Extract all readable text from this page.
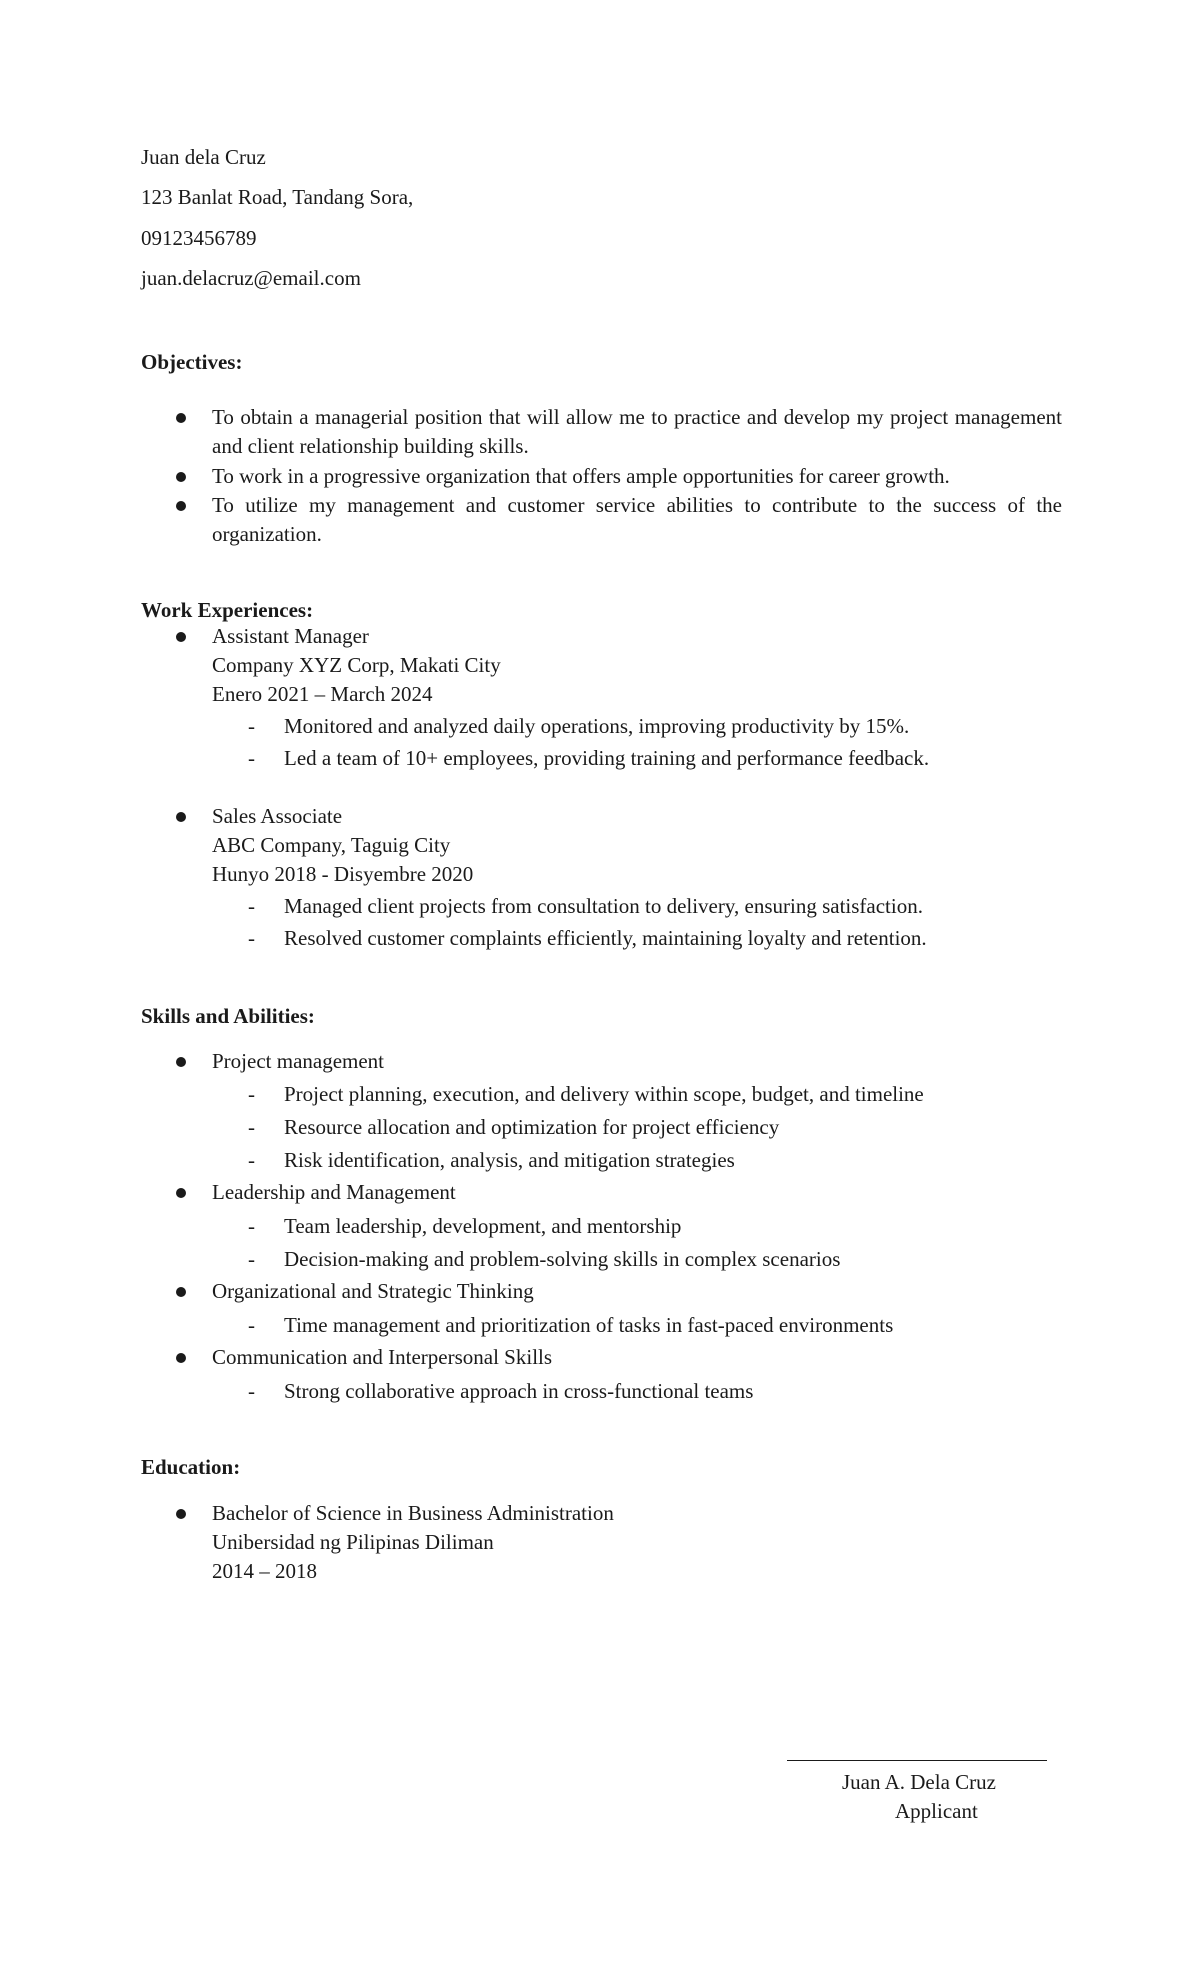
Juan dela Cruz
123 Banlat Road, Tandang Sora,
09123456789
juan.delacruz@email.com
Objectives:
To obtain a managerial position that will allow me to practice and develop my project management and client relationship building skills.
To work in a progressive organization that offers ample opportunities for career growth.
To utilize my management and customer service abilities to contribute to the success of the organization.
Work Experiences:
Assistant Manager
Company XYZ Corp, Makati City
Enero 2021 – March 2024
- Monitored and analyzed daily operations, improving productivity by 15%.
- Led a team of 10+ employees, providing training and performance feedback.
Sales Associate
ABC Company, Taguig City
Hunyo 2018 - Disyembre 2020
- Managed client projects from consultation to delivery, ensuring satisfaction.
- Resolved customer complaints efficiently, maintaining loyalty and retention.
Skills and Abilities:
Project management
- Project planning, execution, and delivery within scope, budget, and timeline
- Resource allocation and optimization for project efficiency
- Risk identification, analysis, and mitigation strategies
Leadership and Management
- Team leadership, development, and mentorship
- Decision-making and problem-solving skills in complex scenarios
Organizational and Strategic Thinking
- Time management and prioritization of tasks in fast-paced environments
Communication and Interpersonal Skills
- Strong collaborative approach in cross-functional teams
Education:
Bachelor of Science in Business Administration
Unibersidad ng Pilipinas Diliman
2014 – 2018
Juan A. Dela Cruz
Applicant
